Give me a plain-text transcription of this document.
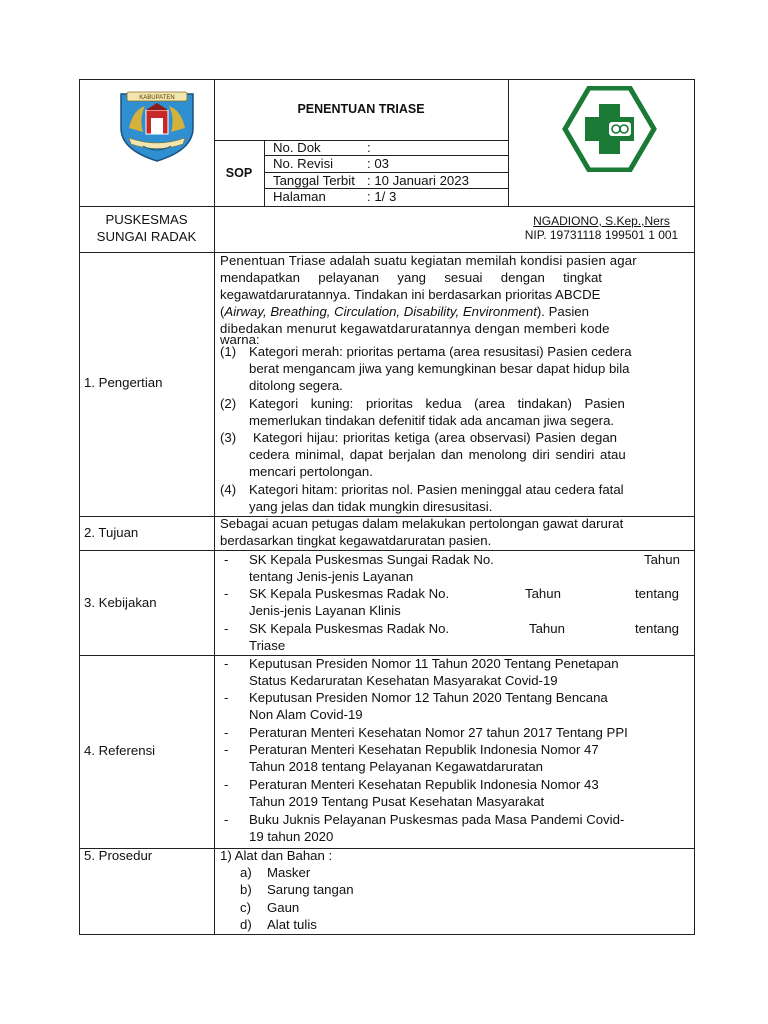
KABUPATEN
PENENTUAN TRIASE
SOP
No. Dok	:
No. Revisi	: 03
Tanggal Terbit : 10 Januari 2023
Halaman	: 1/ 3
PUSKESMAS
SUNGAI RADAK
NGADIONO, S.Kep.,Ners
NIP. 19731118 199501 1 001
1. Pengertian
Penentuan Triase adalah suatu kegiatan memilah kondisi pasien agar
mendapatkan     pelayanan     yang     sesuai     dengan     tingkat
kegawatdaruratannya. Tindakan ini berdasarkan prioritas ABCDE
(Airway, Breathing, Circulation, Disability, Environment). Pasien
dibedakan menurut kegawatdaruratannya dengan memberi kode
warna:
(1) Kategori merah: prioritas pertama (area resusitasi) Pasien cedera
berat mengancam jiwa yang kemungkinan besar dapat hidup bila
ditolong segera.
(2) Kategori kuning: prioritas kedua (area tindakan) Pasien
memerlukan tindakan defenitif tidak ada ancaman jiwa segera.
(3) Kategori hijau: prioritas ketiga (area observasi) Pasien degan
cedera minimal, dapat berjalan dan menolong diri sendiri atau
mencari pertolongan.
(4) Kategori hitam: prioritas nol. Pasien meninggal atau cedera fatal
yang jelas dan tidak mungkin diresusitasi.
2. Tujuan
Sebagai acuan petugas dalam melakukan pertolongan gawat darurat
berdasarkan tingkat kegawatdaruratan pasien.
3. Kebijakan
- SK Kepala Puskesmas Sungai Radak No.	Tahun
tentang Jenis-jenis Layanan
- SK Kepala Puskesmas Radak No.	Tahun	tentang
Jenis-jenis Layanan Klinis
- SK Kepala Puskesmas Radak No.	Tahun	tentang
Triase
4. Referensi
- Keputusan Presiden Nomor 11 Tahun 2020 Tentang Penetapan
Status Kedaruratan Kesehatan Masyarakat Covid-19
- Keputusan Presiden Nomor 12 Tahun 2020 Tentang Bencana
Non Alam Covid-19
- Peraturan Menteri Kesehatan Nomor 27 tahun 2017 Tentang PPI
- Peraturan Menteri Kesehatan Republik Indonesia Nomor 47
Tahun 2018 tentang Pelayanan Kegawatdaruratan
- Peraturan Menteri Kesehatan Republik Indonesia Nomor 43
Tahun 2019 Tentang Pusat Kesehatan Masyarakat
- Buku Juknis Pelayanan Puskesmas pada Masa Pandemi Covid-
19 tahun 2020
5. Prosedur	1) Alat dan Bahan :
a) Masker
b) Sarung tangan
c) Gaun
d) Alat tulis
